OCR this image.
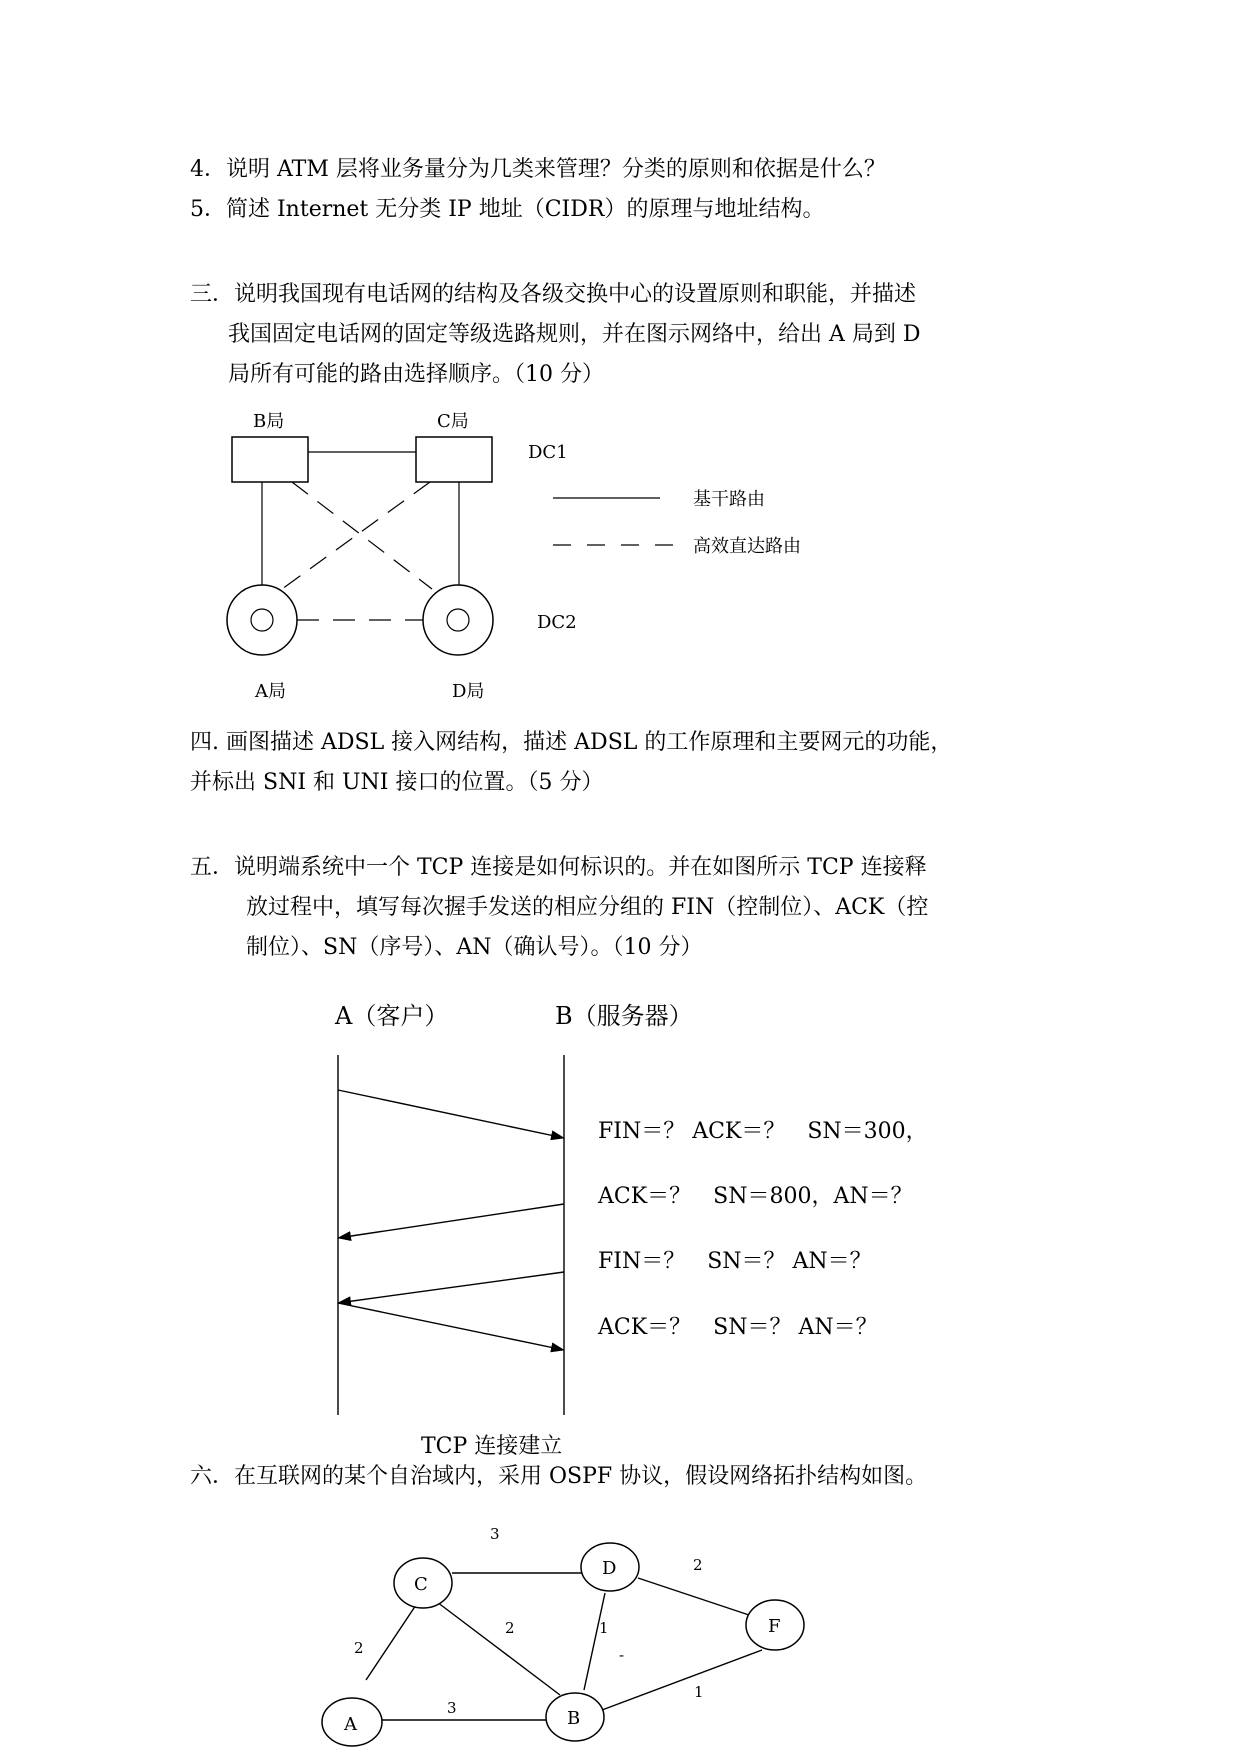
4．说明 ATM 层将业务量分为几类来管理？分类的原则和依据是什么？
5．简述 Internet 无分类 IP 地址（CIDR）的原理与地址结构。
三．说明我国现有电话网的结构及各级交换中心的设置原则和职能，并描述
我国固定电话网的固定等级选路规则，并在图示网络中，给出 A 局到 D
局所有可能的路由选择顺序。（10 分）
四. 画图描述 ADSL 接入网结构，描述 ADSL 的工作原理和主要网元的功能，
并标出 SNI 和 UNI 接口的位置。（5 分）
五．说明端系统中一个 TCP 连接是如何标识的。并在如图所示 TCP 连接释
放过程中，填写每次握手发送的相应分组的 FIN（控制位）、ACK（控
制位）、SN（序号）、AN（确认号）。（10 分）
六．在互联网的某个自治域内，采用 OSPF 协议，假设网络拓扑结构如图。
B局	C局
DC1
DC2
A局	D局
基干路由
高效直达路由
A（客户）	B（服务器）
FIN＝？ ACK＝？　SN＝300，
ACK＝？　SN＝800，AN＝？
FIN＝？　SN＝？ AN＝？
ACK＝？　SN＝？ AN＝？
TCP 连接建立
C
D
F
A	B
3
2
2
2	1
-
3
1
